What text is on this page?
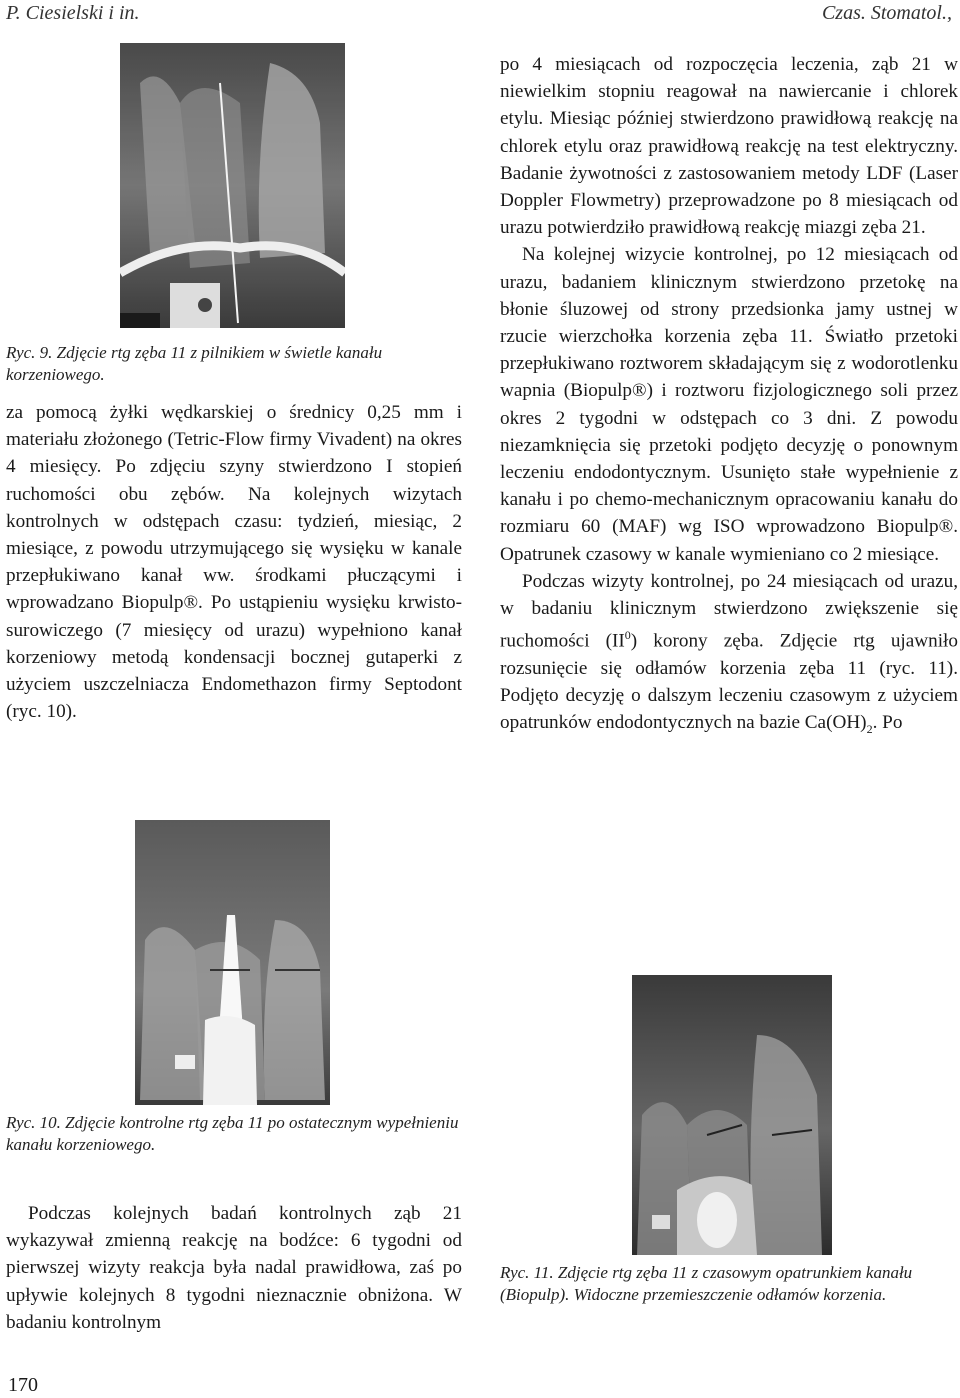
P. Ciesielski i in.	Czas. Stomatol.,
Ryc. 9. Zdjęcie rtg zęba 11 z pilnikiem w świetle kanału korzeniowego.

za pomocą żyłki wędkarskiej o średnicy 0,25 mm i materiału złożonego (Tetric-Flow firmy Vivadent) na okres 4 miesięcy. Po zdjęciu szyny stwierdzono I stopień ruchomości obu zębów. Na kolejnych wizytach kontrolnych w odstępach czasu: tydzień, miesiąc, 2 miesiące, z powodu utrzymującego się wysięku w kanale przepłukiwano kanał ww. środkami płuczącymi i wprowadzano Biopulp®. Po ustąpieniu wysięku krwisto-surowiczego (7 miesięcy od urazu) wypełniono kanał korzeniowy metodą kondensacji bocznej gutaperki z użyciem uszczelniacza Endomethazon firmy Septodont (ryc. 10).

Ryc. 10. Zdjęcie kontrolne rtg zęba 11 po ostatecznym wypełnieniu kanału korzeniowego.

Podczas kolejnych badań kontrolnych ząb 21 wykazywał zmienną reakcję na bodźce: 6 tygodni od pierwszej wizyty reakcja była nadal prawidłowa, zaś po upływie kolejnych 8 tygodni nieznacznie obniżona. W badaniu kontrolnym

po 4 miesiącach od rozpoczęcia leczenia, ząb 21 w niewielkim stopniu reagował na nawiercanie i chlorek etylu. Miesiąc później stwierdzono prawidłową reakcję na chlorek etylu oraz prawidłową reakcję na test elektryczny. Badanie żywotności z zastosowaniem metody LDF (Laser Doppler Flowmetry) przeprowadzone po 8 miesiącach od urazu potwierdziło prawidłową reakcję miazgi zęba 21.

Na kolejnej wizycie kontrolnej, po 12 miesiącach od urazu, badaniem klinicznym stwierdzono przetokę na błonie śluzowej od strony przedsionka jamy ustnej w rzucie wierzchołka korzenia zęba 11. Światło przetoki przepłukiwano roztworem składającym się z wodorotlenku wapnia (Biopulp®) i roztworu fizjologicznego soli przez okres 2 tygodni w odstępach co 3 dni. Z powodu niezamknięcia się przetoki podjęto decyzję o ponownym leczeniu endodontycznym. Usunięto stałe wypełnienie z kanału i po chemo-mechanicznym opracowaniu kanału do rozmiaru 60 (MAF) wg ISO wprowadzono Biopulp®. Opatrunek czasowy w kanale wymieniano co 2 miesiące.

Podczas wizyty kontrolnej, po 24 miesiącach od urazu, w badaniu klinicznym stwierdzono zwiększenie się ruchomości $(II^0)$ korony zęba. Zdjęcie rtg ujawniło rozsunięcie się odłamów korzenia zęba 11 (ryc. 11). Podjęto decyzję o dalszym leczeniu czasowym z użyciem opatrunków endodontycznych na bazie $Ca(OH)_2$. Po

Ryc. 11. Zdjęcie rtg zęba 11 z czasowym opatrunkiem kanału (Biopulp). Widoczne przemieszczenie odłamów korzenia.
170
